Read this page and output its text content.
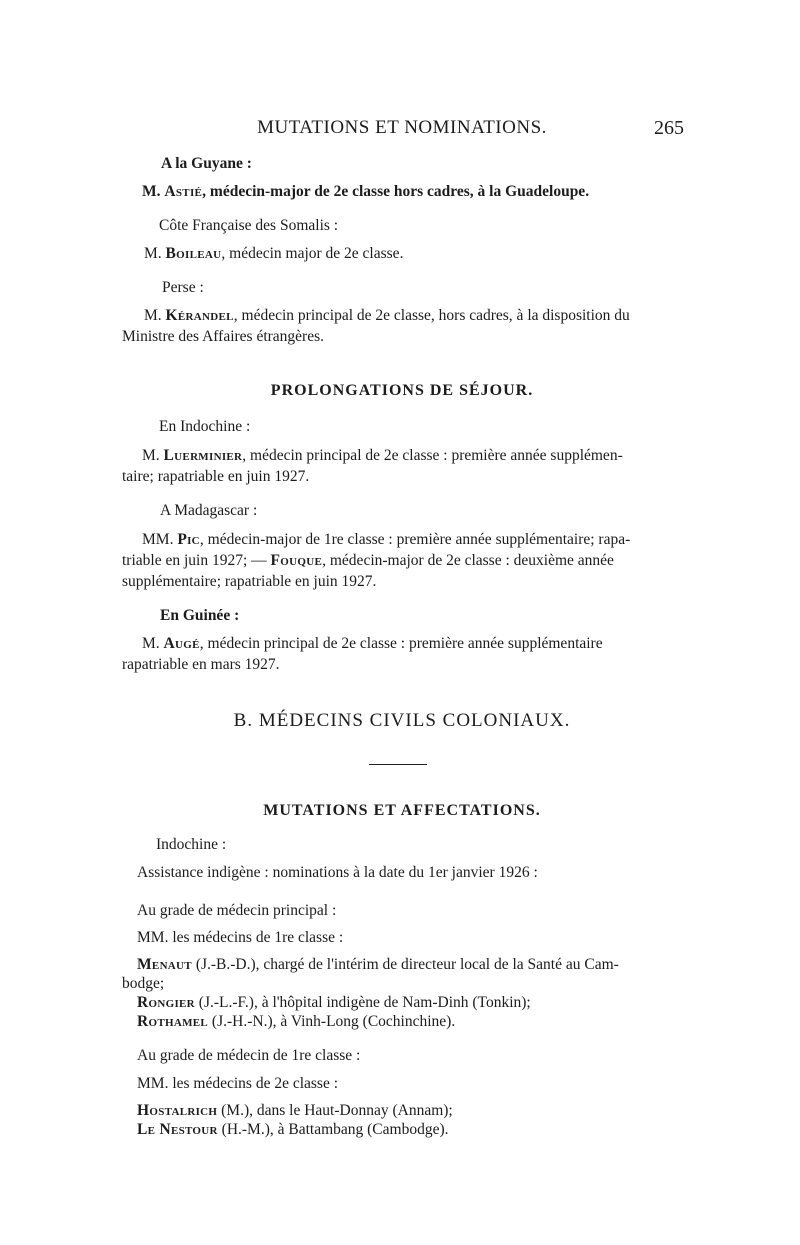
MUTATIONS ET NOMINATIONS.	265
A la Guyane :
M. Astié, médecin-major de 2e classe hors cadres, à la Guadeloupe.
Côte Française des Somalis :
M. Boileau, médecin major de 2e classe.
Perse :
M. Kérandel, médecin principal de 2e classe, hors cadres, à la disposition du
Ministre des Affaires étrangères.
PROLONGATIONS DE SÉJOUR.
En Indochine :
M. Luerminier, médecin principal de 2e classe : première année supplémen-
taire; rapatriable en juin 1927.
A Madagascar :
MM. Pic, médecin-major de 1re classe : première année supplémentaire; rapa-
triable en juin 1927; — Fouque, médecin-major de 2e classe : deuxième année
supplémentaire; rapatriable en juin 1927.
En Guinée :
M. Augé, médecin principal de 2e classe : première année supplémentaire
rapatriable en mars 1927.
B. MÉDECINS CIVILS COLONIAUX.
MUTATIONS ET AFFECTATIONS.
Indochine :
Assistance indigène : nominations à la date du 1er janvier 1926 :
Au grade de médecin principal :
MM. les médecins de 1re classe :
Menaut (J.-B.-D.), chargé de l'intérim de directeur local de la Santé au Cam-
bodge;
Rongier (J.-L.-F.), à l'hôpital indigène de Nam-Dinh (Tonkin);
Rothamel (J.-H.-N.), à Vinh-Long (Cochinchine).
Au grade de médecin de 1re classe :
MM. les médecins de 2e classe :
Hostalrich (M.), dans le Haut-Donnay (Annam);
Le Nestour (H.-M.), à Battambang (Cambodge).
